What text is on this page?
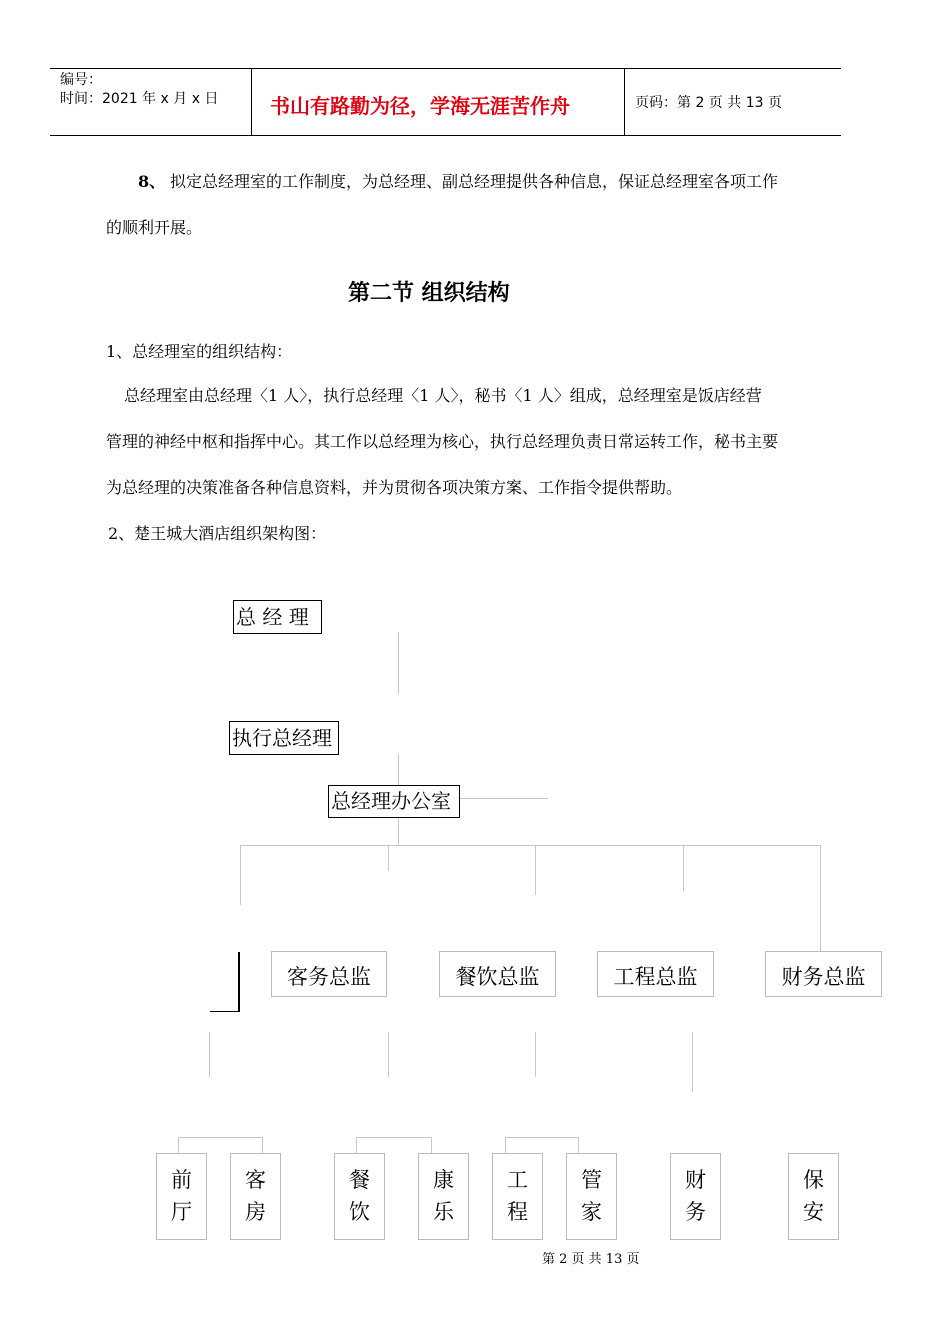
编号：
时间：2021 年 x 月 x 日	书山有路勤为径，学海无涯苦作舟	页码：第 2 页 共 13 页
8、 拟定总经理室的工作制度，为总经理、副总经理提供各种信息，保证总经理室各项工作
的顺利开展。
第二节 组织结构
1、总经理室的组织结构：
总经理室由总经理〈1 人〉，执行总经理〈1 人〉，秘书〈1 人〉组成，总经理室是饭店经营
管理的神经中枢和指挥中心。其工作以总经理为核心，执行总经理负责日常运转工作，秘书主要
为总经理的决策准备各种信息资料，并为贯彻各项决策方案、工作指令提供帮助。
2、楚王城大酒店组织架构图：
总 经 理
执行总经理
总经理办公室
客务总监	餐饮总监	工程总监	财务总监
前
厅
客
房
餐
饮
康
乐
工
程
管
家
财
务
保
安
第 2 页 共 13 页
